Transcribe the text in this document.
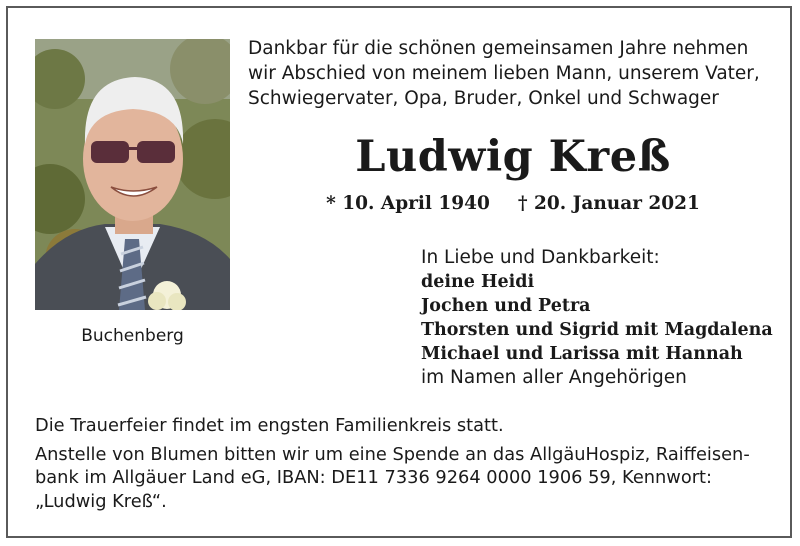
Buchenberg
Dankbar für die schönen gemeinsamen Jahre nehmen
wir Abschied von meinem lieben Mann, unserem Vater,
Schwiegervater, Opa, Bruder, Onkel und Schwager
Ludwig Kreß
* 10. April 1940 † 20. Januar 2021
In Liebe und Dankbarkeit:
deine Heidi
Jochen und Petra
Thorsten und Sigrid mit Magdalena
Michael und Larissa mit Hannah
im Namen aller Angehörigen
Die Trauerfeier findet im engsten Familienkreis statt.
Anstelle von Blumen bitten wir um eine Spende an das AllgäuHospiz, Raiffeisen-
bank im Allgäuer Land eG, IBAN: DE11 7336 9264 0000 1906 59, Kennwort:
„Ludwig Kreß“.
